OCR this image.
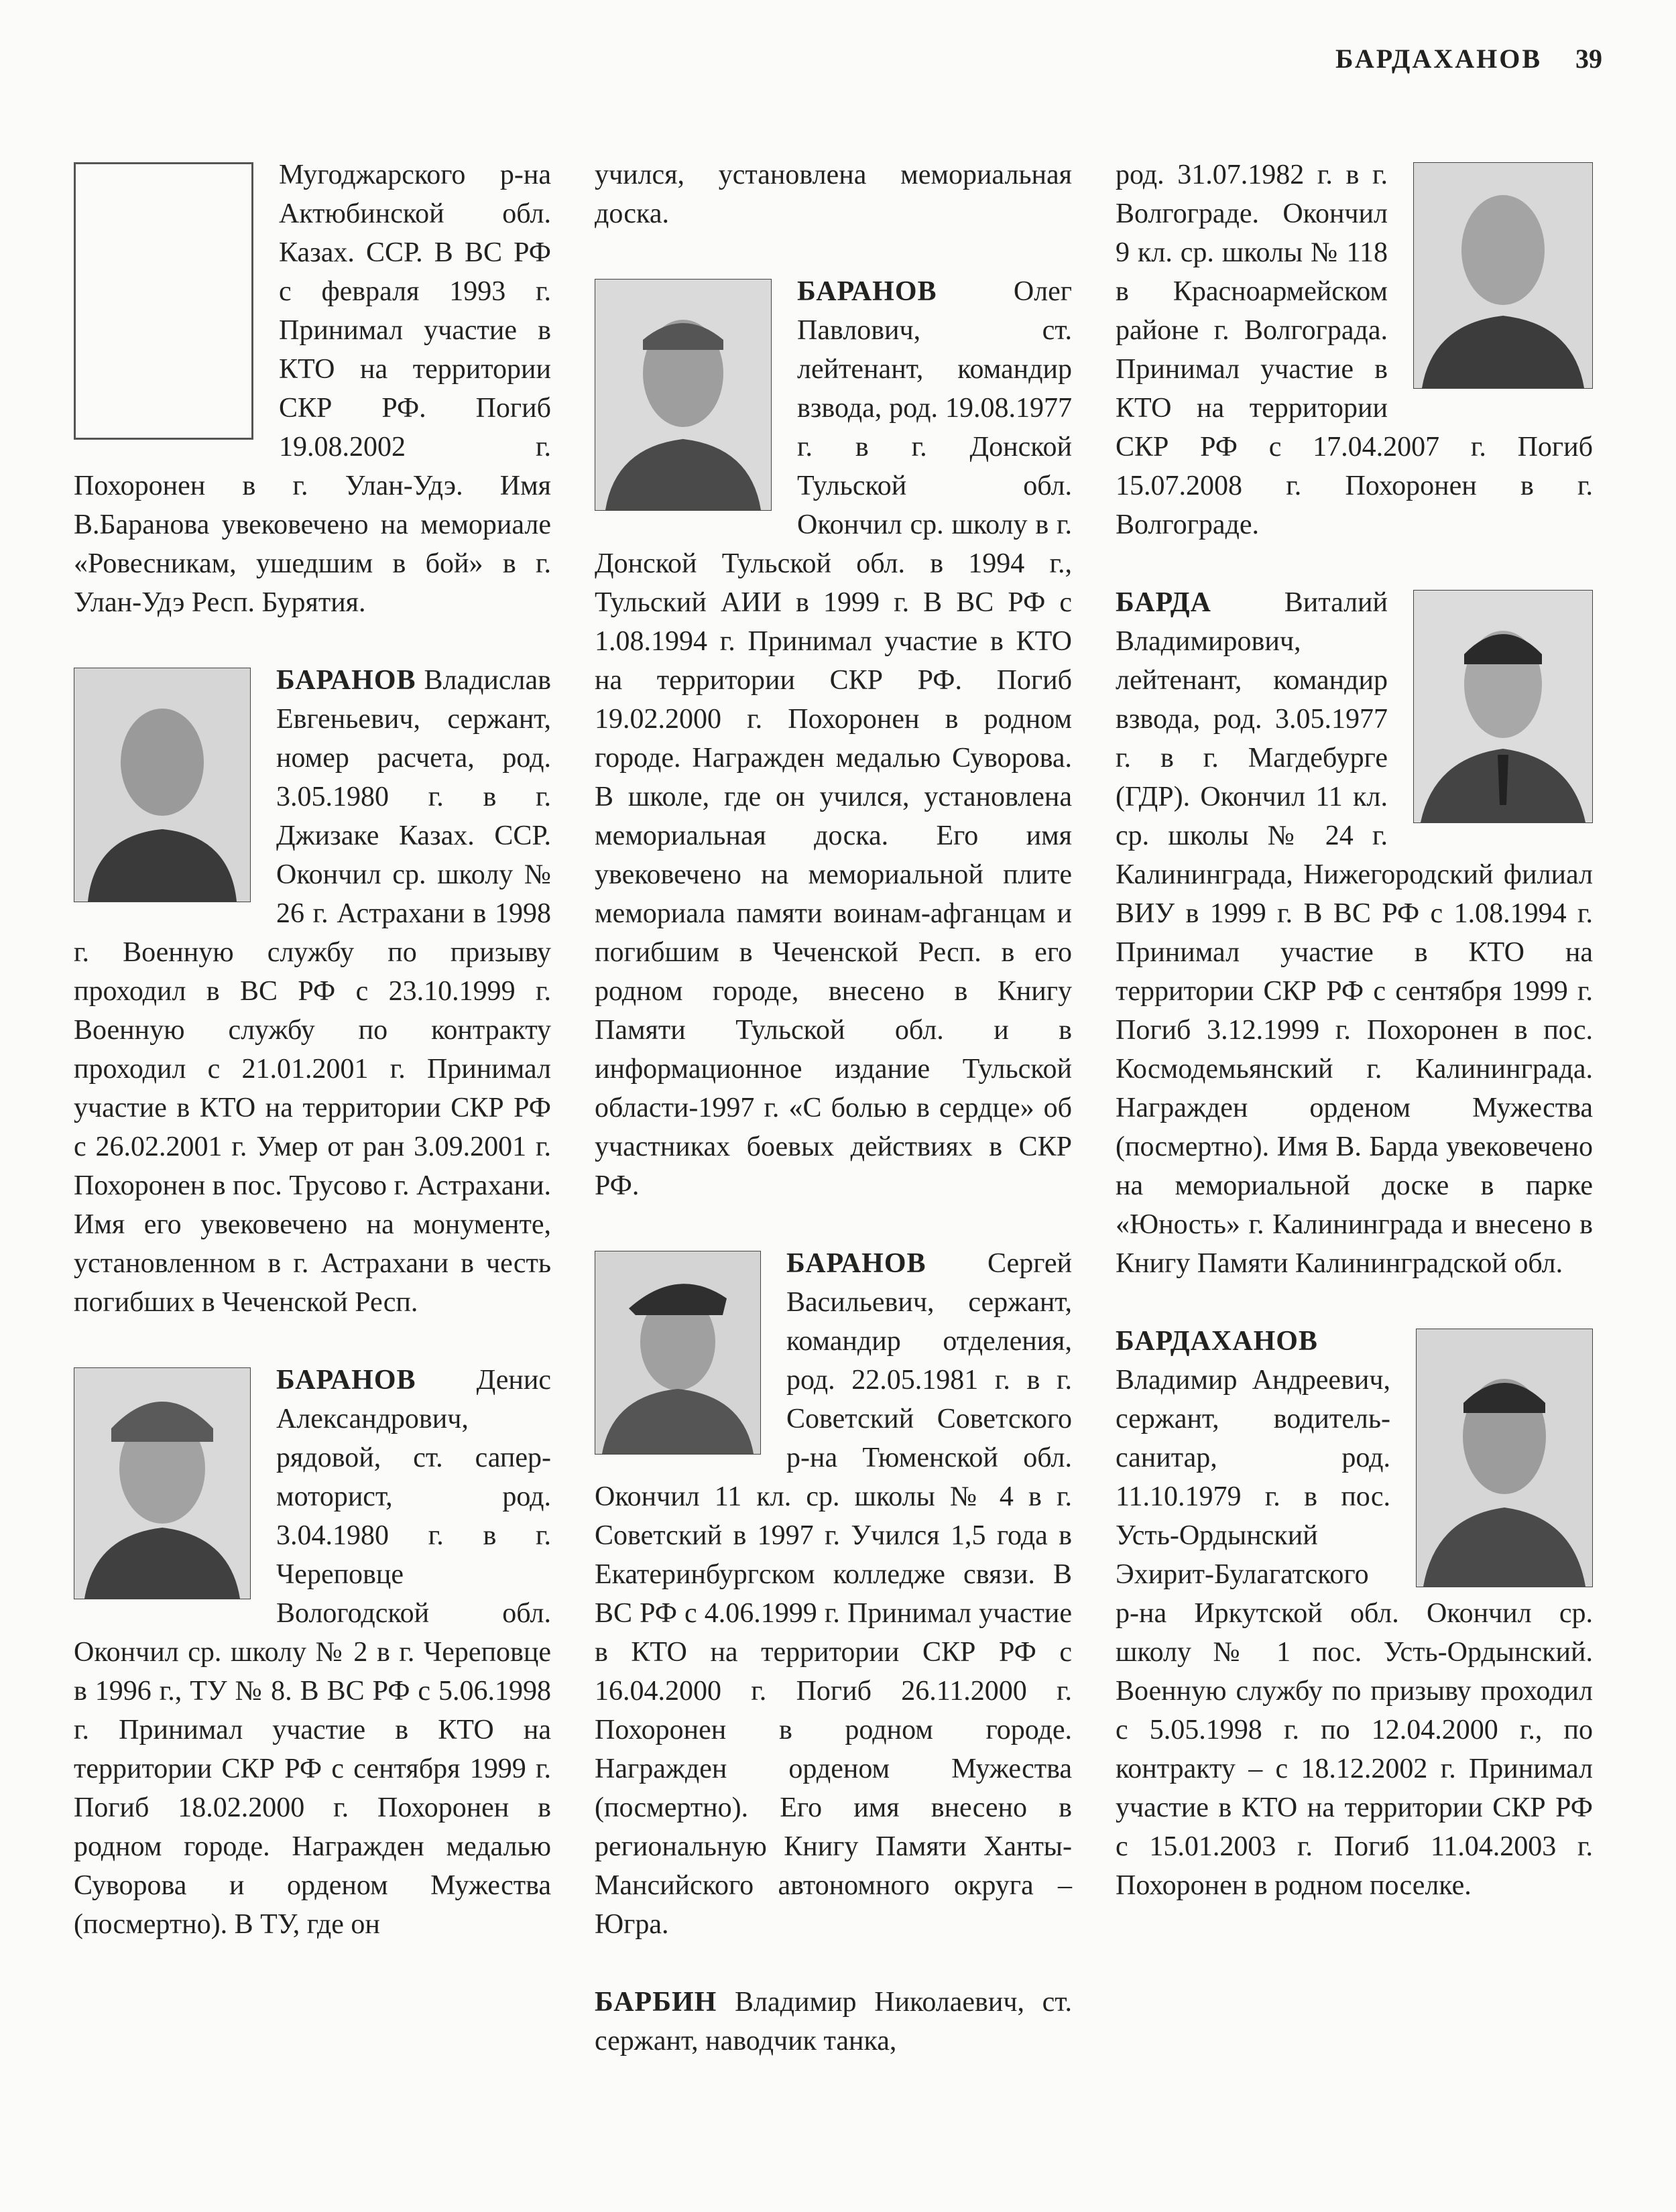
БАРДАХАНОВ 39

Мугоджарского р-на Актюбинской обл. Казах. ССР. В ВС РФ с февраля 1993 г. Принимал участие в КТО на территории СКР РФ. Погиб 19.08.2002 г. Похоронен в г. Улан-Удэ. Имя В.Баранова увековечено на мемориале «Ровесникам, ушедшим в бой» в г. Улан-Удэ Респ. Бурятия.

БАРАНОВ Владислав Евгеньевич, сержант, номер расчета, род. 3.05.1980 г. в г. Джизаке Казах. ССР. Окончил ср. школу № 26 г. Астрахани в 1998 г. Военную службу по призыву проходил в ВС РФ с 23.10.1999 г. Военную службу по контракту проходил с 21.01.2001 г. Принимал участие в КТО на территории СКР РФ с 26.02.2001 г. Умер от ран 3.09.2001 г. Похоронен в пос. Трусово г. Астрахани. Имя его увековечено на монументе, установленном в г. Астрахани в честь погибших в Чеченской Респ.

БАРАНОВ Денис Александрович, рядовой, ст. сапер-моторист, род. 3.04.1980 г. в г. Череповце Вологодской обл. Окончил ср. школу № 2 в г. Череповце в 1996 г., ТУ № 8. В ВС РФ с 5.06.1998 г. Принимал участие в КТО на территории СКР РФ с сентября 1999 г. Погиб 18.02.2000 г. Похоронен в родном городе. Награжден медалью Суворова и орденом Мужества (посмертно). В ТУ, где он

учился, установлена мемориальная доска.

БАРАНОВ	Олег Павлович, ст. лейтенант, командир взвода, род. 19.08.1977 г. в г. Донской Тульской обл. Окончил ср. школу в г. Донской Тульской обл. в 1994 г., Тульский АИИ в 1999 г. В ВС РФ с 1.08.1994 г. Принимал участие в КТО на территории СКР РФ. Погиб 19.02.2000 г. Похоронен в родном городе. Награжден медалью Суворова. В школе, где он учился, установлена мемориальная доска. Его имя увековечено на мемориальной плите мемориала памяти воинам-афганцам и погибшим в Чеченской Респ. в его родном городе, внесено в Книгу Памяти Тульской обл. и в информационное издание Тульской области-1997 г. «С болью в сердце» об участниках боевых действиях в СКР РФ.

БАРАНОВ Сергей Васильевич, сержант, командир отделения, род. 22.05.1981 г. в г. Советский Советского р-на Тюменской обл. Окончил 11 кл. ср. школы № 4 в г. Советский в 1997 г. Учился 1,5 года в Екатеринбургском колледже связи. В ВС РФ с 4.06.1999 г. Принимал участие в КТО на территории СКР РФ с 16.04.2000 г. Погиб 26.11.2000 г. Похоронен в родном городе. Награжден орденом Мужества (посмертно). Его имя внесено в региональную Книгу Памяти Ханты-Мансийского автономного округа – Югра.

БАРБИН Владимир Николаевич, ст. сержант, наводчик танка,

род. 31.07.1982 г. в г. Волгограде. Окончил 9 кл. ср. школы № 118 в Красноармейском районе г. Волгограда. Принимал участие в КТО на территории СКР РФ с 17.04.2007 г. Погиб 15.07.2008 г. Похоронен в г. Волгограде.

БАРДА	Виталий Владимирович, лейтенант, командир взвода, род. 3.05.1977 г. в г. Магдебурге (ГДР). Окончил 11 кл. ср. школы № 24 г. Калининграда, Нижегородский филиал ВИУ в 1999 г. В ВС РФ с 1.08.1994 г. Принимал участие в КТО на территории СКР РФ с сентября 1999 г. Погиб 3.12.1999 г. Похоронен в пос. Космодемьянский г. Калининграда. Награжден орденом Мужества (посмертно). Имя В. Барда увековечено на мемориальной доске в парке «Юность» г. Калининграда и внесено в Книгу Памяти Калининградской обл.

БАРДАХАНОВ
Владимир Андреевич, сержант, водитель-санитар, род. 11.10.1979 г. в пос. Усть-Ордынский Эхирит-Булагатского р-на Иркутской обл. Окончил ср. школу № 1 пос. Усть-Ордынский. Военную службу по призыву проходил с 5.05.1998 г. по 12.04.2000 г., по контракту – с 18.12.2002 г. Принимал участие в КТО на территории СКР РФ с 15.01.2003 г. Погиб 11.04.2003 г. Похоронен в родном поселке.
